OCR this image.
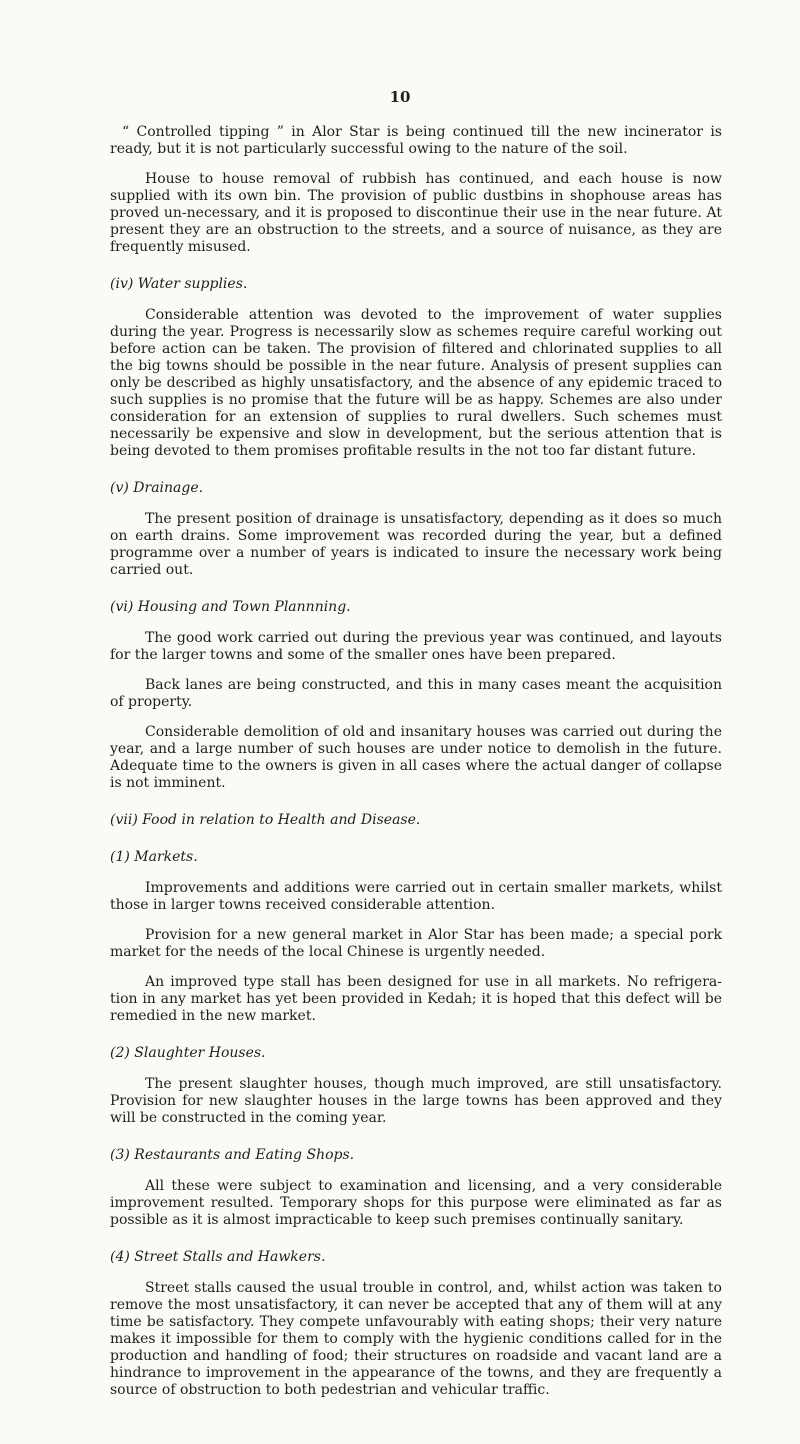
10
“ Controlled tipping ” in Alor Star is being continued till the new incinerator is ready, but it is not particularly successful owing to the nature of the soil.
House to house removal of rubbish has continued, and each house is now supplied with its own bin. The provision of public dustbins in shophouse areas has proved un-necessary, and it is proposed to discontinue their use in the near future. At present they are an obstruction to the streets, and a source of nuisance, as they are frequently misused.
(iv) Water supplies.
Considerable attention was devoted to the improvement of water supplies during the year. Progress is necessarily slow as schemes require careful working out before action can be taken. The provision of filtered and chlorinated supplies to all the big towns should be possible in the near future. Analysis of present supplies can only be described as highly unsatisfactory, and the absence of any epidemic traced to such supplies is no promise that the future will be as happy. Schemes are also under consideration for an extension of supplies to rural dwellers. Such schemes must necessarily be expensive and slow in development, but the serious attention that is being devoted to them promises profitable results in the not too far distant future.
(v) Drainage.
The present position of drainage is unsatisfactory, depending as it does so much on earth drains. Some improvement was recorded during the year, but a defined programme over a number of years is indicated to insure the necessary work being carried out.
(vi) Housing and Town Plannning.
The good work carried out during the previous year was continued, and layouts for the larger towns and some of the smaller ones have been prepared.
Back lanes are being constructed, and this in many cases meant the acquisition of property.
Considerable demolition of old and insanitary houses was carried out during the year, and a large number of such houses are under notice to demolish in the future. Adequate time to the owners is given in all cases where the actual danger of collapse is not imminent.
(vii) Food in relation to Health and Disease.
(1) Markets.
Improvements and additions were carried out in certain smaller markets, whilst those in larger towns received considerable attention.
Provision for a new general market in Alor Star has been made; a special pork market for the needs of the local Chinese is urgently needed.
An improved type stall has been designed for use in all markets. No refrigera-tion in any market has yet been provided in Kedah; it is hoped that this defect will be remedied in the new market.
(2) Slaughter Houses.
The present slaughter houses, though much improved, are still unsatisfactory. Provision for new slaughter houses in the large towns has been approved and they will be constructed in the coming year.
(3) Restaurants and Eating Shops.
All these were subject to examination and licensing, and a very considerable improvement resulted. Temporary shops for this purpose were eliminated as far as possible as it is almost impracticable to keep such premises continually sanitary.
(4) Street Stalls and Hawkers.
Street stalls caused the usual trouble in control, and, whilst action was taken to remove the most unsatisfactory, it can never be accepted that any of them will at any time be satisfactory. They compete unfavourably with eating shops; their very nature makes it impossible for them to comply with the hygienic conditions called for in the production and handling of food; their structures on roadside and vacant land are a hindrance to improvement in the appearance of the towns, and they are frequently a source of obstruction to both pedestrian and vehicular traffic.
